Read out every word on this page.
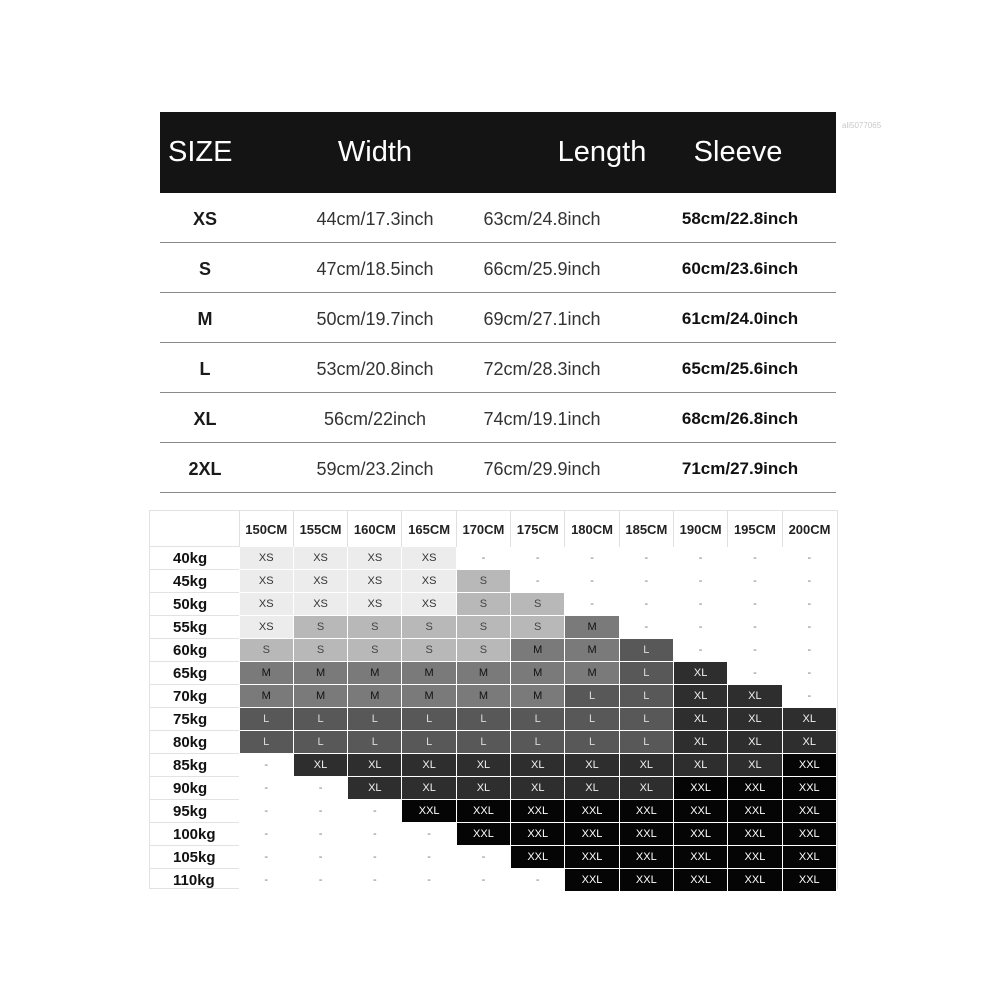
ali5077065
SIZE	Width	Length	Sleeve
XS	44cm/17.3inch	63cm/24.8inch	58cm/22.8inch
S	47cm/18.5inch	66cm/25.9inch	60cm/23.6inch
M	50cm/19.7inch	69cm/27.1inch	61cm/24.0inch
L	53cm/20.8inch	72cm/28.3inch	65cm/25.6inch
XL	56cm/22inch	74cm/19.1inch	68cm/26.8inch
2XL	59cm/23.2inch	76cm/29.9inch	71cm/27.9inch
	150CM	155CM	160CM	165CM	170CM	175CM	180CM	185CM	190CM	195CM	200CM
40kg	XS	XS	XS	XS	-	-	-	-	-	-	-
45kg	XS	XS	XS	XS	S	-	-	-	-	-	-
50kg	XS	XS	XS	XS	S	S	-	-	-	-	-
55kg	XS	S	S	S	S	S	M	-	-	-	-
60kg	S	S	S	S	S	M	M	L	-	-	-
65kg	M	M	M	M	M	M	M	L	XL	-	-
70kg	M	M	M	M	M	M	L	L	XL	XL	-
75kg	L	L	L	L	L	L	L	L	XL	XL	XL
80kg	L	L	L	L	L	L	L	L	XL	XL	XL
85kg	-	XL	XL	XL	XL	XL	XL	XL	XL	XL	XXL
90kg	-	-	XL	XL	XL	XL	XL	XL	XXL	XXL	XXL
95kg	-	-	-	XXL	XXL	XXL	XXL	XXL	XXL	XXL	XXL
100kg	-	-	-	-	XXL	XXL	XXL	XXL	XXL	XXL	XXL
105kg	-	-	-	-	-	XXL	XXL	XXL	XXL	XXL	XXL
110kg	-	-	-	-	-	-	XXL	XXL	XXL	XXL	XXL
